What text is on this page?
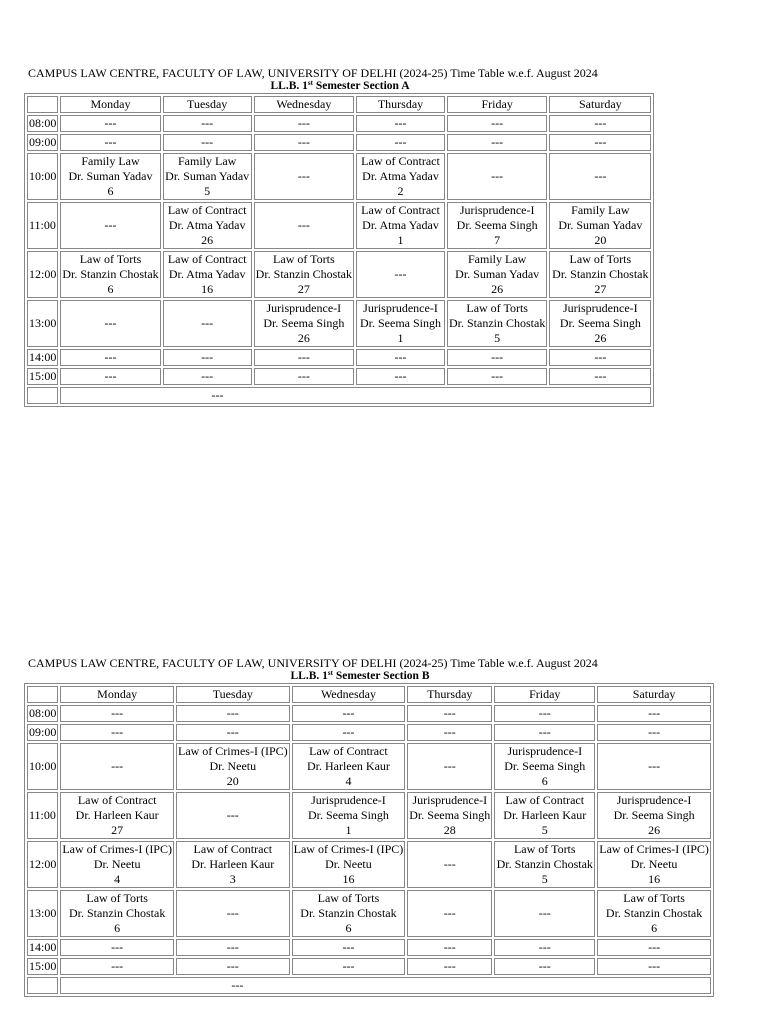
CAMPUS LAW CENTRE, FACULTY OF LAW, UNIVERSITY OF DELHI (2024-25) Time Table w.e.f. August 2024
LL.B. 1st Semester Section A
	Monday	Tuesday	Wednesday	Thursday	Friday	Saturday
08:00	---	---	---	---	---	---

09:00	---	---	---	---	---	---

10:00	Family Law
Dr. Suman Yadav
6	Family Law
Dr. Suman Yadav
5	---	Law of Contract
Dr. Atma Yadav
2	---	---

11:00	---	Law of Contract
Dr. Atma Yadav
26	---	Law of Contract
Dr. Atma Yadav
1	Jurisprudence-I
Dr. Seema Singh
7	Family Law
Dr. Suman Yadav
20

12:00	Law of Torts
Dr. Stanzin Chostak
6	Law of Contract
Dr. Atma Yadav
16	Law of Torts
Dr. Stanzin Chostak
27	---	Family Law
Dr. Suman Yadav
26	Law of Torts
Dr. Stanzin Chostak
27

13:00	---	---	Jurisprudence-I
Dr. Seema Singh
26	Jurisprudence-I
Dr. Seema Singh
1	Law of Torts
Dr. Stanzin Chostak
5	Jurisprudence-I
Dr. Seema Singh
26

14:00	---	---	---	---	---	---

15:00	---	---	---	---	---	---

	---					
CAMPUS LAW CENTRE, FACULTY OF LAW, UNIVERSITY OF DELHI (2024-25) Time Table w.e.f. August 2024
LL.B. 1st Semester Section B
	Monday	Tuesday	Wednesday	Thursday	Friday	Saturday
08:00	---	---	---	---	---	---

09:00	---	---	---	---	---	---

10:00	---	Law of Crimes-I (IPC)
Dr. Neetu
20	Law of Contract
Dr. Harleen Kaur
4	---	Jurisprudence-I
Dr. Seema Singh
6	---

11:00	Law of Contract
Dr. Harleen Kaur
27	---	Jurisprudence-I
Dr. Seema Singh
1	Jurisprudence-I
Dr. Seema Singh
28	Law of Contract
Dr. Harleen Kaur
5	Jurisprudence-I
Dr. Seema Singh
26

12:00	Law of Crimes-I (IPC)
Dr. Neetu
4	Law of Contract
Dr. Harleen Kaur
3	Law of Crimes-I (IPC)
Dr. Neetu
16	---	Law of Torts
Dr. Stanzin Chostak
5	Law of Crimes-I (IPC)
Dr. Neetu
16

13:00	Law of Torts
Dr. Stanzin Chostak
6	---	Law of Torts
Dr. Stanzin Chostak
6	---	---	Law of Torts
Dr. Stanzin Chostak
6

14:00	---	---	---	---	---	---

15:00	---	---	---	---	---	---

	---					
